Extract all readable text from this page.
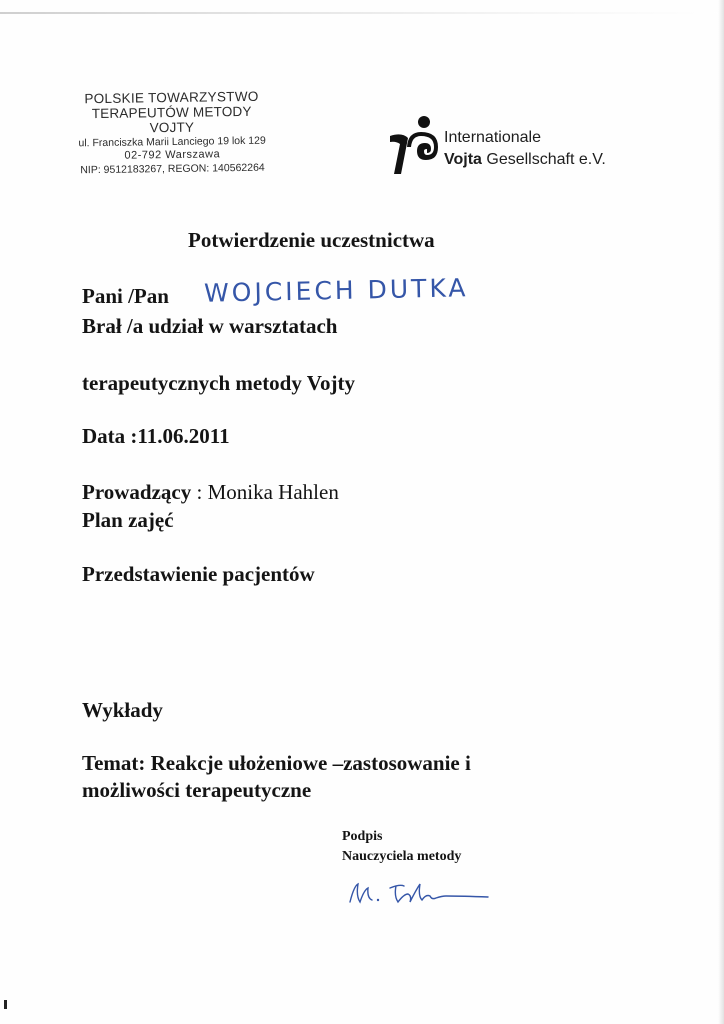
POLSKIE TOWARZYSTWO
TERAPEUTÓW METODY VOJTY
ul. Franciszka Marii Lanciego 19 lok 129
02-792 Warszawa
NIP: 9512183267, REGON: 140562264
Internationale
Vojta Gesellschaft e.V.
Potwierdzenie uczestnictwa
Pani /Pan WOJCIECH DUTKA
Brał /a udział w warsztatach
terapeutycznych metody Vojty
Data :11.06.2011
Prowadzący : Monika Hahlen
Plan zajęć
Przedstawienie pacjentów
Wykłady
Temat: Reakcje ułożeniowe –zastosowanie i
możliwości terapeutyczne
Podpis
Nauczyciela metody
